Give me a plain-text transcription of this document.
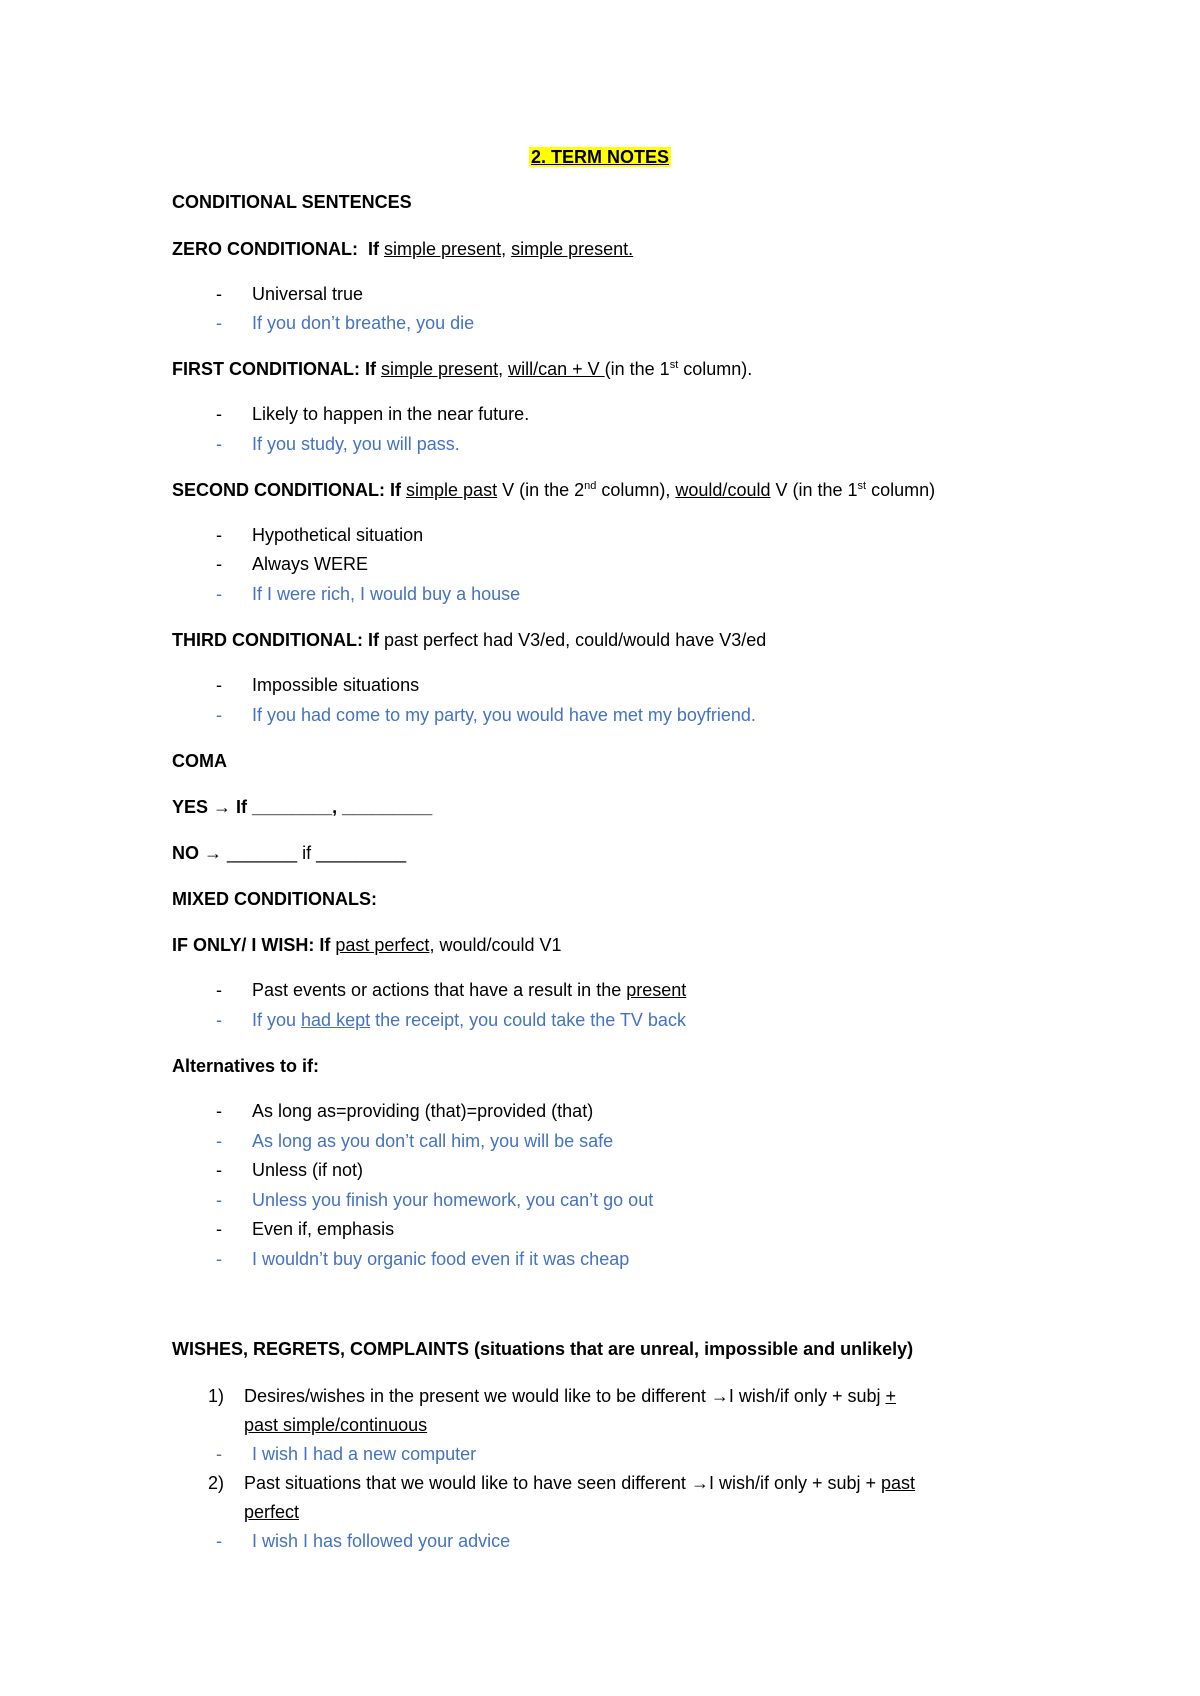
2. TERM NOTES
CONDITIONAL SENTENCES
ZERO CONDITIONAL: If simple present, simple present.
- Universal true
- If you don’t breathe, you die
FIRST CONDITIONAL: If simple present, will/can + V (in the 1st column).
- Likely to happen in the near future.
- If you study, you will pass.
SECOND CONDITIONAL: If simple past V (in the 2nd column), would/could V (in the 1st column)
- Hypothetical situation
- Always WERE
- If I were rich, I would buy a house
THIRD CONDITIONAL: If past perfect had V3/ed, could/would have V3/ed
- Impossible situations
- If you had come to my party, you would have met my boyfriend.
COMA
YES → If ________, _________
NO → _______ if _________
MIXED CONDITIONALS:
IF ONLY/ I WISH: If past perfect, would/could V1
- Past events or actions that have a result in the present
- If you had kept the receipt, you could take the TV back
Alternatives to if:
- As long as=providing (that)=provided (that)
- As long as you don’t call him, you will be safe
- Unless (if not)
- Unless you finish your homework, you can’t go out
- Even if, emphasis
- I wouldn’t buy organic food even if it was cheap
WISHES, REGRETS, COMPLAINTS (situations that are unreal, impossible and unlikely)
1) Desires/wishes in the present we would like to be different →I wish/if only + subj +
past simple/continuous
- I wish I had a new computer
2) Past situations that we would like to have seen different →I wish/if only + subj + past
perfect
- I wish I has followed your advice
